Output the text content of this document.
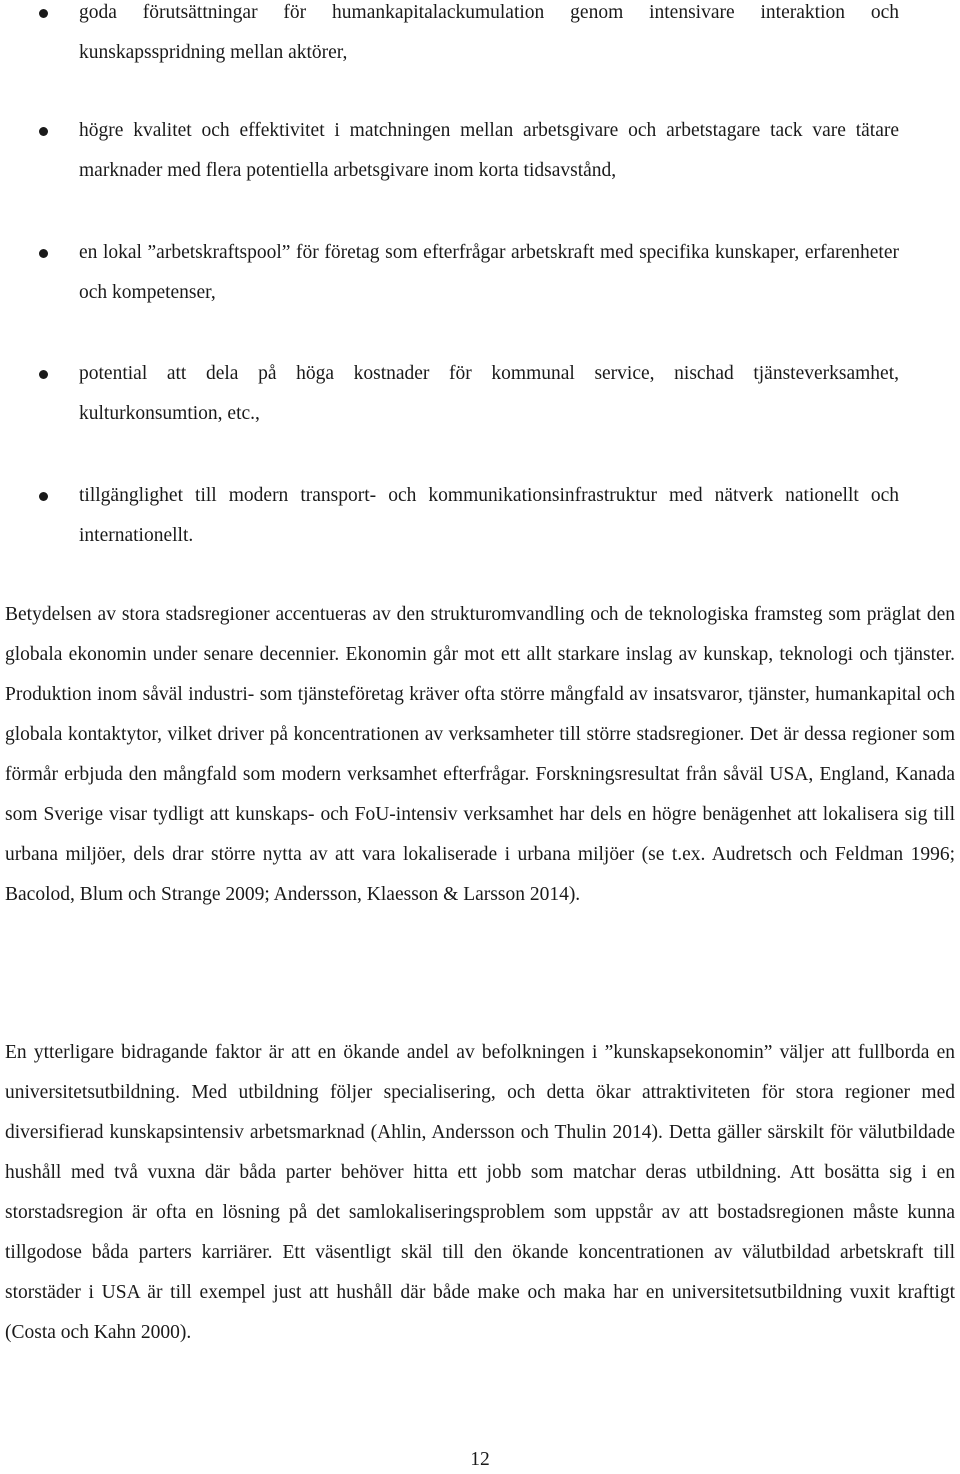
goda förutsättningar för humankapitalackumulation genom intensivare interaktion och kunskapsspridning mellan aktörer,
högre kvalitet och effektivitet i matchningen mellan arbetsgivare och arbetstagare tack vare tätare marknader med flera potentiella arbetsgivare inom korta tidsavstånd,
en lokal ”arbetskraftspool” för företag som efterfrågar arbetskraft med specifika kunskaper, erfarenheter och kompetenser,
potential att dela på höga kostnader för kommunal service, nischad tjänsteverksamhet, kulturkonsumtion, etc.,
tillgänglighet till modern transport- och kommunikationsinfrastruktur med nätverk nationellt och internationellt.

Betydelsen av stora stadsregioner accentueras av den strukturomvandling och de teknologiska framsteg som präglat den globala ekonomin under senare decennier. Ekonomin går mot ett allt starkare inslag av kunskap, teknologi och tjänster. Produktion inom såväl industri- som tjänsteföretag kräver ofta större mångfald av insatsvaror, tjänster, humankapital och globala kontaktytor, vilket driver på koncentrationen av verksamheter till större stadsregioner. Det är dessa regioner som förmår erbjuda den mångfald som modern verksamhet efterfrågar. Forskningsresultat från såväl USA, England, Kanada som Sverige visar tydligt att kunskaps- och FoU-intensiv verksamhet har dels en högre benägenhet att lokalisera sig till urbana miljöer, dels drar större nytta av att vara lokaliserade i urbana miljöer (se t.ex. Audretsch och Feldman 1996; Bacolod, Blum och Strange 2009; Andersson, Klaesson & Larsson 2014).

En ytterligare bidragande faktor är att en ökande andel av befolkningen i ”kunskapsekonomin” väljer att fullborda en universitetsutbildning. Med utbildning följer specialisering, och detta ökar attraktiviteten för stora regioner med diversifierad kunskapsintensiv arbetsmarknad (Ahlin, Andersson och Thulin 2014). Detta gäller särskilt för välutbildade hushåll med två vuxna där båda parter behöver hitta ett jobb som matchar deras utbildning. Att bosätta sig i en storstadsregion är ofta en lösning på det samlokaliseringsproblem som uppstår av att bostadsregionen måste kunna tillgodose båda parters karriärer. Ett väsentligt skäl till den ökande koncentrationen av välutbildad arbetskraft till storstäder i USA är till exempel just att hushåll där både make och maka har en universitetsutbildning vuxit kraftigt (Costa och Kahn 2000).

12
